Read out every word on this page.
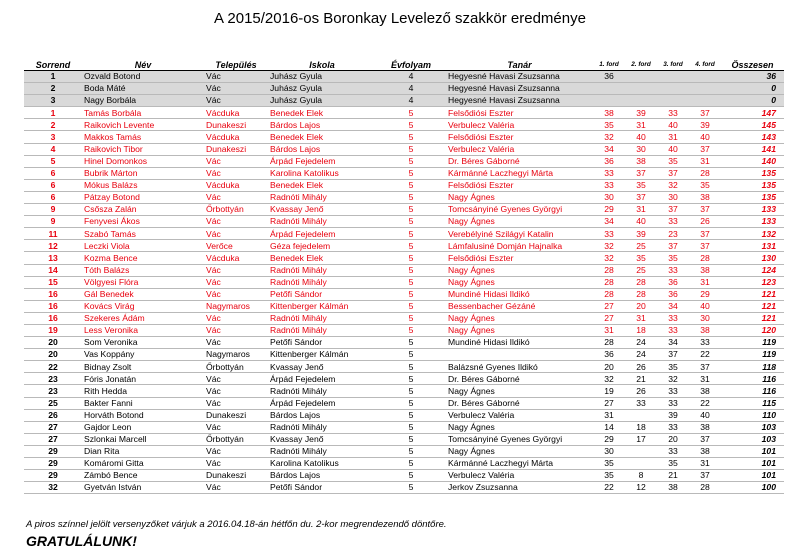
A 2015/2016-os Boronkay Levelező szakkör eredménye
Sorrend	Név	Település	Iskola	Évfolyam	Tanár	1. ford	2. ford	3. ford	4. ford	Összesen
1	Ozvald Botond	Vác	Juhász Gyula	4	Hegyesné Havasi Zsuzsanna	36				36
2	Boda Máté	Vác	Juhász Gyula	4	Hegyesné Havasi Zsuzsanna					0
3	Nagy Borbála	Vác	Juhász Gyula	4	Hegyesné Havasi Zsuzsanna					0
1	Tamás Borbála	Vácduka	Benedek Elek	5	Felsődiósi Eszter	38	39	33	37	147
2	Raikovich Levente	Dunakeszi	Bárdos Lajos	5	Verbulecz Valéria	35	31	40	39	145
3	Makkos Tamás	Vácduka	Benedek Elek	5	Felsődiósi Eszter	32	40	31	40	143
4	Raikovich Tibor	Dunakeszi	Bárdos Lajos	5	Verbulecz Valéria	34	30	40	37	141
5	Hinel Domonkos	Vác	Árpád Fejedelem	5	Dr. Béres Gáborné	36	38	35	31	140
6	Bubrik Márton	Vác	Karolina Katolikus	5	Kármánné Laczhegyi Márta	33	37	37	28	135
6	Mókus Balázs	Vácduka	Benedek Elek	5	Felsődiósi Eszter	33	35	32	35	135
6	Pátzay Botond	Vác	Radnóti Mihály	5	Nagy Ágnes	30	37	30	38	135
9	Csősza Zalán	Őrbottyán	Kvassay Jenő	5	Tomcsányiné Gyenes Györgyi	29	31	37	37	133
9	Fenyvesi Ákos	Vác	Radnóti Mihály	5	Nagy Ágnes	34	40	33	26	133
11	Szabó Tamás	Vác	Árpád Fejedelem	5	Verebélyiné Szilágyi Katalin	33	39	23	37	132
12	Leczki Viola	Verőce	Géza fejedelem	5	Lámfalusiné Domján Hajnalka	32	25	37	37	131
13	Kozma Bence	Vácduka	Benedek Elek	5	Felsődiósi Eszter	32	35	35	28	130
14	Tóth Balázs	Vác	Radnóti Mihály	5	Nagy Ágnes	28	25	33	38	124
15	Völgyesi Flóra	Vác	Radnóti Mihály	5	Nagy Ágnes	28	28	36	31	123
16	Gál Benedek	Vác	Petőfi Sándor	5	Mundiné Hidasi Ildikó	28	28	36	29	121
16	Kovács Virág	Nagymaros	Kittenberger Kálmán	5	Bessenbacher Gézáné	27	20	34	40	121
16	Szekeres Ádám	Vác	Radnóti Mihály	5	Nagy Ágnes	27	31	33	30	121
19	Less Veronika	Vác	Radnóti Mihály	5	Nagy Ágnes	31	18	33	38	120
20	Som Veronika	Vác	Petőfi Sándor	5	Mundiné Hidasi Ildikó	28	24	34	33	119
20	Vas Koppány	Nagymaros	Kittenberger Kálmán	5		36	24	37	22	119
22	Bidnay Zsolt	Őrbottyán	Kvassay Jenő	5	Balázsné Gyenes Ildikó	20	26	35	37	118
23	Fóris Jonatán	Vác	Árpád Fejedelem	5	Dr. Béres Gáborné	32	21	32	31	116
23	Rith Hedda	Vác	Radnóti Mihály	5	Nagy Ágnes	19	26	33	38	116
25	Bakter Fanni	Vác	Árpád Fejedelem	5	Dr. Béres Gáborné	27	33	33	22	115
26	Horváth Botond	Dunakeszi	Bárdos Lajos	5	Verbulecz Valéria	31		39	40	110
27	Gajdor Leon	Vác	Radnóti Mihály	5	Nagy Ágnes	14	18	33	38	103
27	Szlonkai Marcell	Őrbottyán	Kvassay Jenő	5	Tomcsányiné Gyenes Györgyi	29	17	20	37	103
29	Dian Rita	Vác	Radnóti Mihály	5	Nagy Ágnes	30		33	38	101
29	Komáromi Gitta	Vác	Karolina Katolikus	5	Kármánné Laczhegyi Márta	35		35	31	101
29	Zámbó Bence	Dunakeszi	Bárdos Lajos	5	Verbulecz Valéria	35	8	21	37	101
32	Gyetván István	Vác	Petőfi Sándor	5	Jerkov Zsuzsanna	22	12	38	28	100
A piros színnel jelölt versenyzőket várjuk a 2016.04.18-án hétfőn du. 2-kor megrendezendő döntőre.
GRATULÁLUNK!
